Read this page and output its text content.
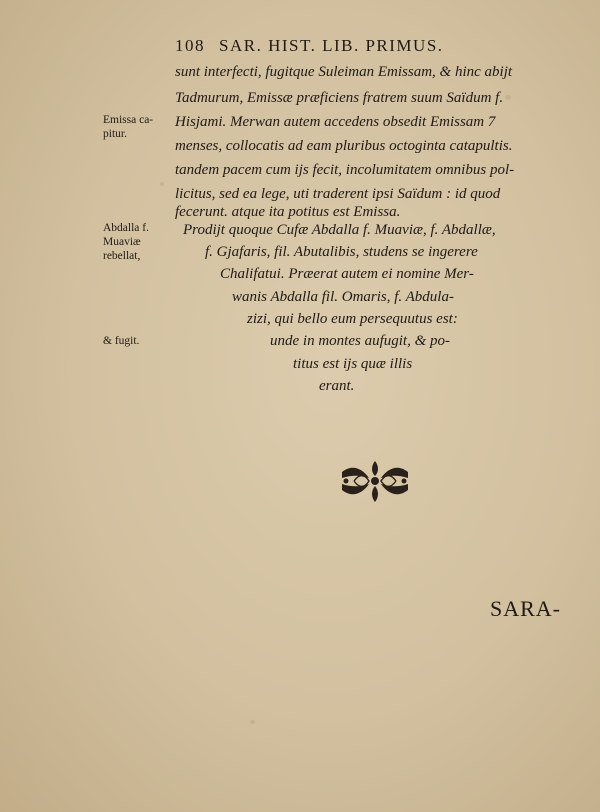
108 SAR. HIST. LIB. PRIMUS.
Emissa ca-
pitur.
Abdalla f.
Muaviæ
rebellat,
& fugit.
sunt interfecti, fugitque Suleiman Emissam, & hinc abijt
Tadmurum, Emissæ præficiens fratrem suum Saïdum f.
Hisjami. Merwan autem accedens obsedit Emissam 7
menses, collocatis ad eam pluribus octoginta catapultis.
tandem pacem cum ijs fecit, incolumitatem omnibus pol-
licitus, sed ea lege, uti traderent ipsi Saïdum : id quod
fecerunt. atque ita potitus est Emissa.
Prodijt quoque Cufæ Abdalla f. Muaviæ, f. Abdallæ,
f. Gjafaris, fil. Abutalibis, studens se ingerere
Chalifatui. Præerat autem ei nomine Mer-
wanis Abdalla fil. Omaris, f. Abdula-
zizi, qui bello eum persequutus est:
unde in montes aufugit, & po-
titus est ijs quæ illis
erant.
SARA-
